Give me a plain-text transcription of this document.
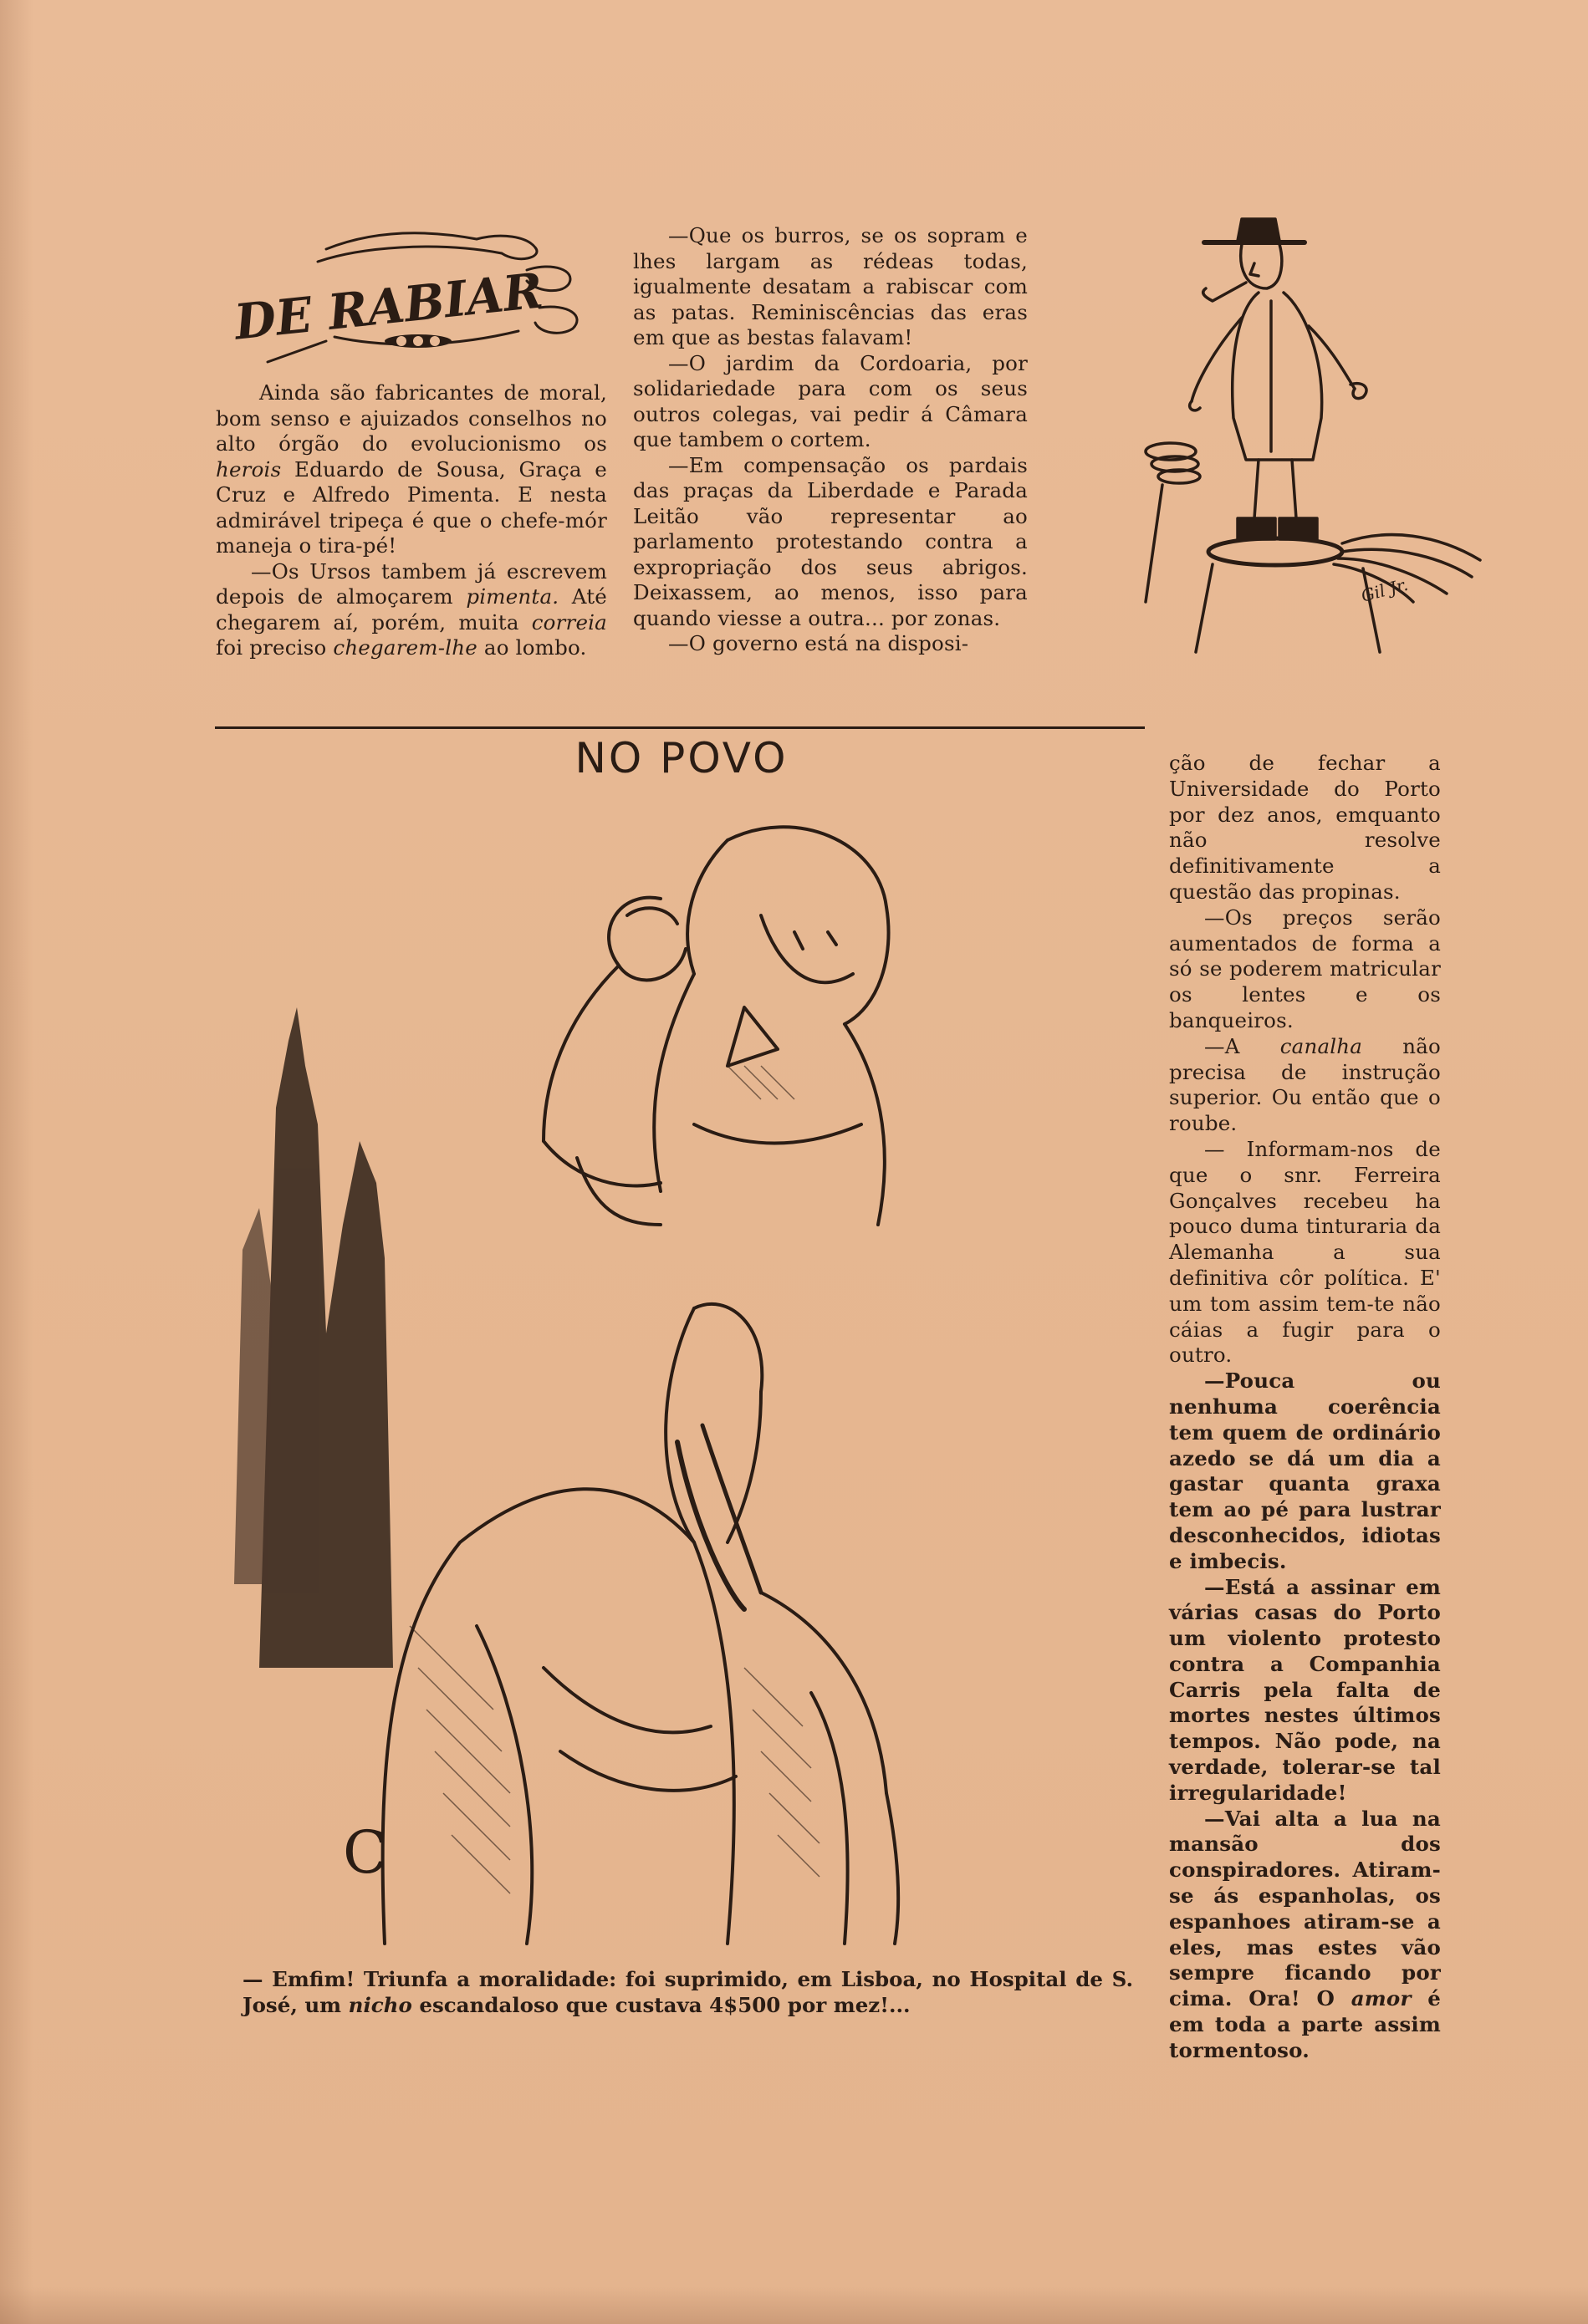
DE RABIAR

Ainda são fabricantes de moral, bom senso e ajuizados conselhos no alto órgão do evolucionismo os herois Eduardo de Sousa, Graça e Cruz e Alfredo Pimenta. E nesta admirável tripeça é que o chefe-mór maneja o tira-pé!

—Os Ursos tambem já escrevem depois de almoçarem pimenta. Até chegarem aí, porém, muita correia foi preciso chegarem-lhe ao lombo.

—Que os burros, se os sopram e lhes largam as rédeas todas, igualmente desatam a rabiscar com as patas. Reminiscências das eras em que as bestas falavam!

—O jardim da Cordoaria, por solidariedade para com os seus outros colegas, vai pedir á Câmara que tambem o cortem.

—Em compensação os pardais das praças da Liberdade e Parada Leitão vão representar ao parlamento protestando contra a expropriação dos seus abrigos. Deixassem, ao menos, isso para quando viesse a outra... por zonas.

—O governo está na disposi-

Gil Jr.
NO POVO
C
— Emfim! Triunfa a moralidade: foi suprimido, em Lisboa, no Hospital de S. José, um nicho escandaloso que custava 4$500 por mez!...

ção de fechar a Universidade do Porto por dez anos, emquanto não resolve definitivamente a questão das propinas.

—Os preços serão aumentados de forma a só se poderem matricular os lentes e os banqueiros.

—A canalha não precisa de instrução superior. Ou então que o roube.

— Informam-nos de que o snr. Ferreira Gonçalves recebeu ha pouco duma tinturaria da Alemanha a sua definitiva côr política. E' um tom assim tem-te não cáias a fugir para o outro.

—Pouca ou nenhuma coerência tem quem de ordinário azedo se dá um dia a gastar quanta graxa tem ao pé para lustrar desconhecidos, idiotas e imbecis.

—Está a assinar em várias casas do Porto um violento protesto contra a Companhia Carris pela falta de mortes nestes últimos tempos. Não pode, na verdade, tolerar-se tal irregularidade!

—Vai alta a lua na mansão dos conspiradores. Atiram-se ás espanholas, os espanhoes atiram-se a eles, mas estes vão sempre ficando por cima. Ora! O amor é em toda a parte assim tormentoso.
